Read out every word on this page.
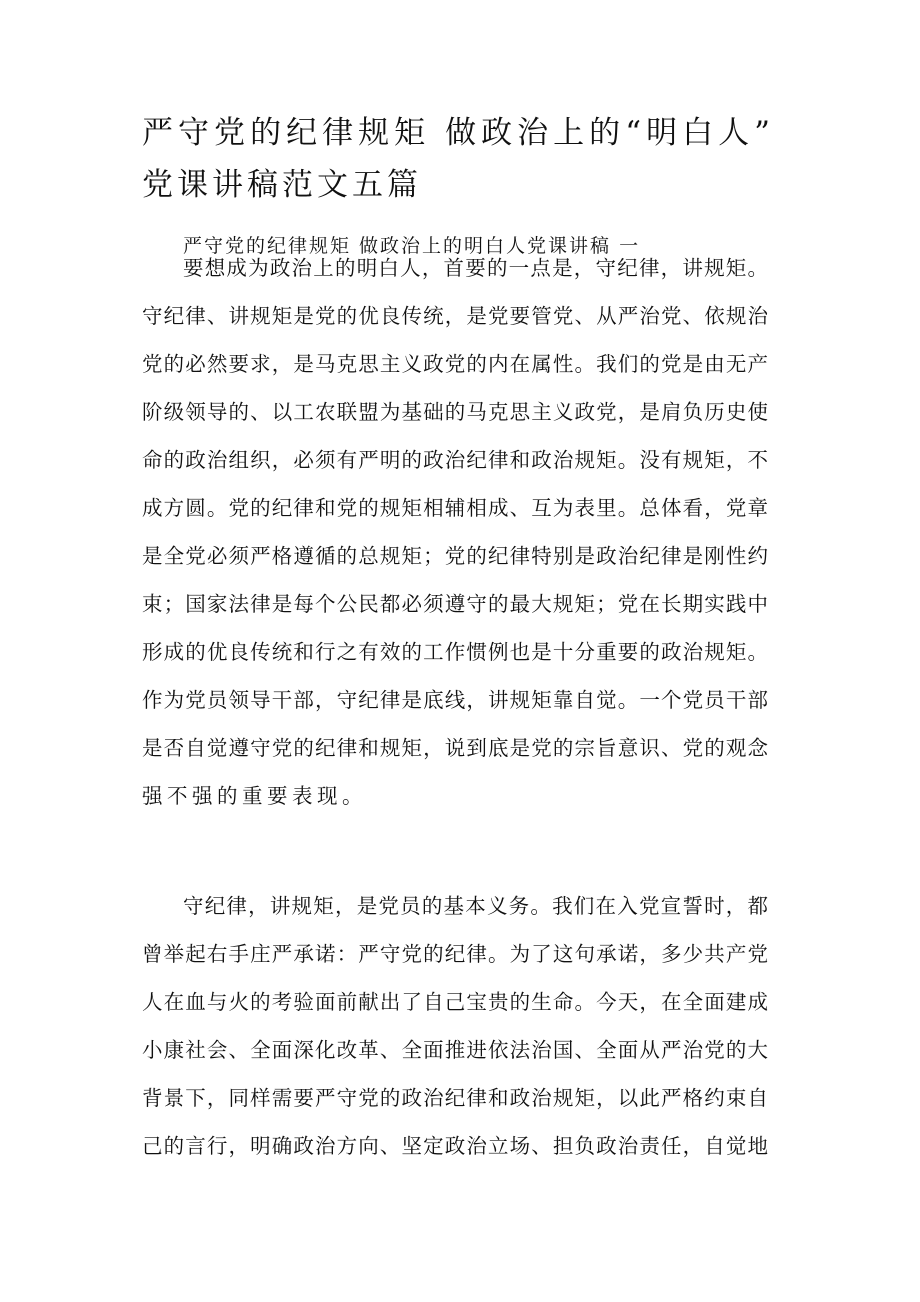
严守党的纪律规矩 做政治上的“明白人”
党课讲稿范文五篇
严守党的纪律规矩 做政治上的明白人党课讲稿 一
要想成为政治上的明白人，首要的一点是，守纪律，讲规矩。
守纪律、讲规矩是党的优良传统，是党要管党、从严治党、依规治
党的必然要求，是马克思主义政党的内在属性。我们的党是由无产
阶级领导的、以工农联盟为基础的马克思主义政党，是肩负历史使
命的政治组织，必须有严明的政治纪律和政治规矩。没有规矩，不
成方圆。党的纪律和党的规矩相辅相成、互为表里。总体看，党章
是全党必须严格遵循的总规矩；党的纪律特别是政治纪律是刚性约
束；国家法律是每个公民都必须遵守的最大规矩；党在长期实践中
形成的优良传统和行之有效的工作惯例也是十分重要的政治规矩。
作为党员领导干部，守纪律是底线，讲规矩靠自觉。一个党员干部
是否自觉遵守党的纪律和规矩，说到底是党的宗旨意识、党的观念
强不强的重要表现。
守纪律，讲规矩，是党员的基本义务。我们在入党宣誓时，都
曾举起右手庄严承诺：严守党的纪律。为了这句承诺，多少共产党
人在血与火的考验面前献出了自己宝贵的生命。今天，在全面建成
小康社会、全面深化改革、全面推进依法治国、全面从严治党的大
背景下，同样需要严守党的政治纪律和政治规矩，以此严格约束自
己的言行，明确政治方向、坚定政治立场、担负政治责任，自觉地
